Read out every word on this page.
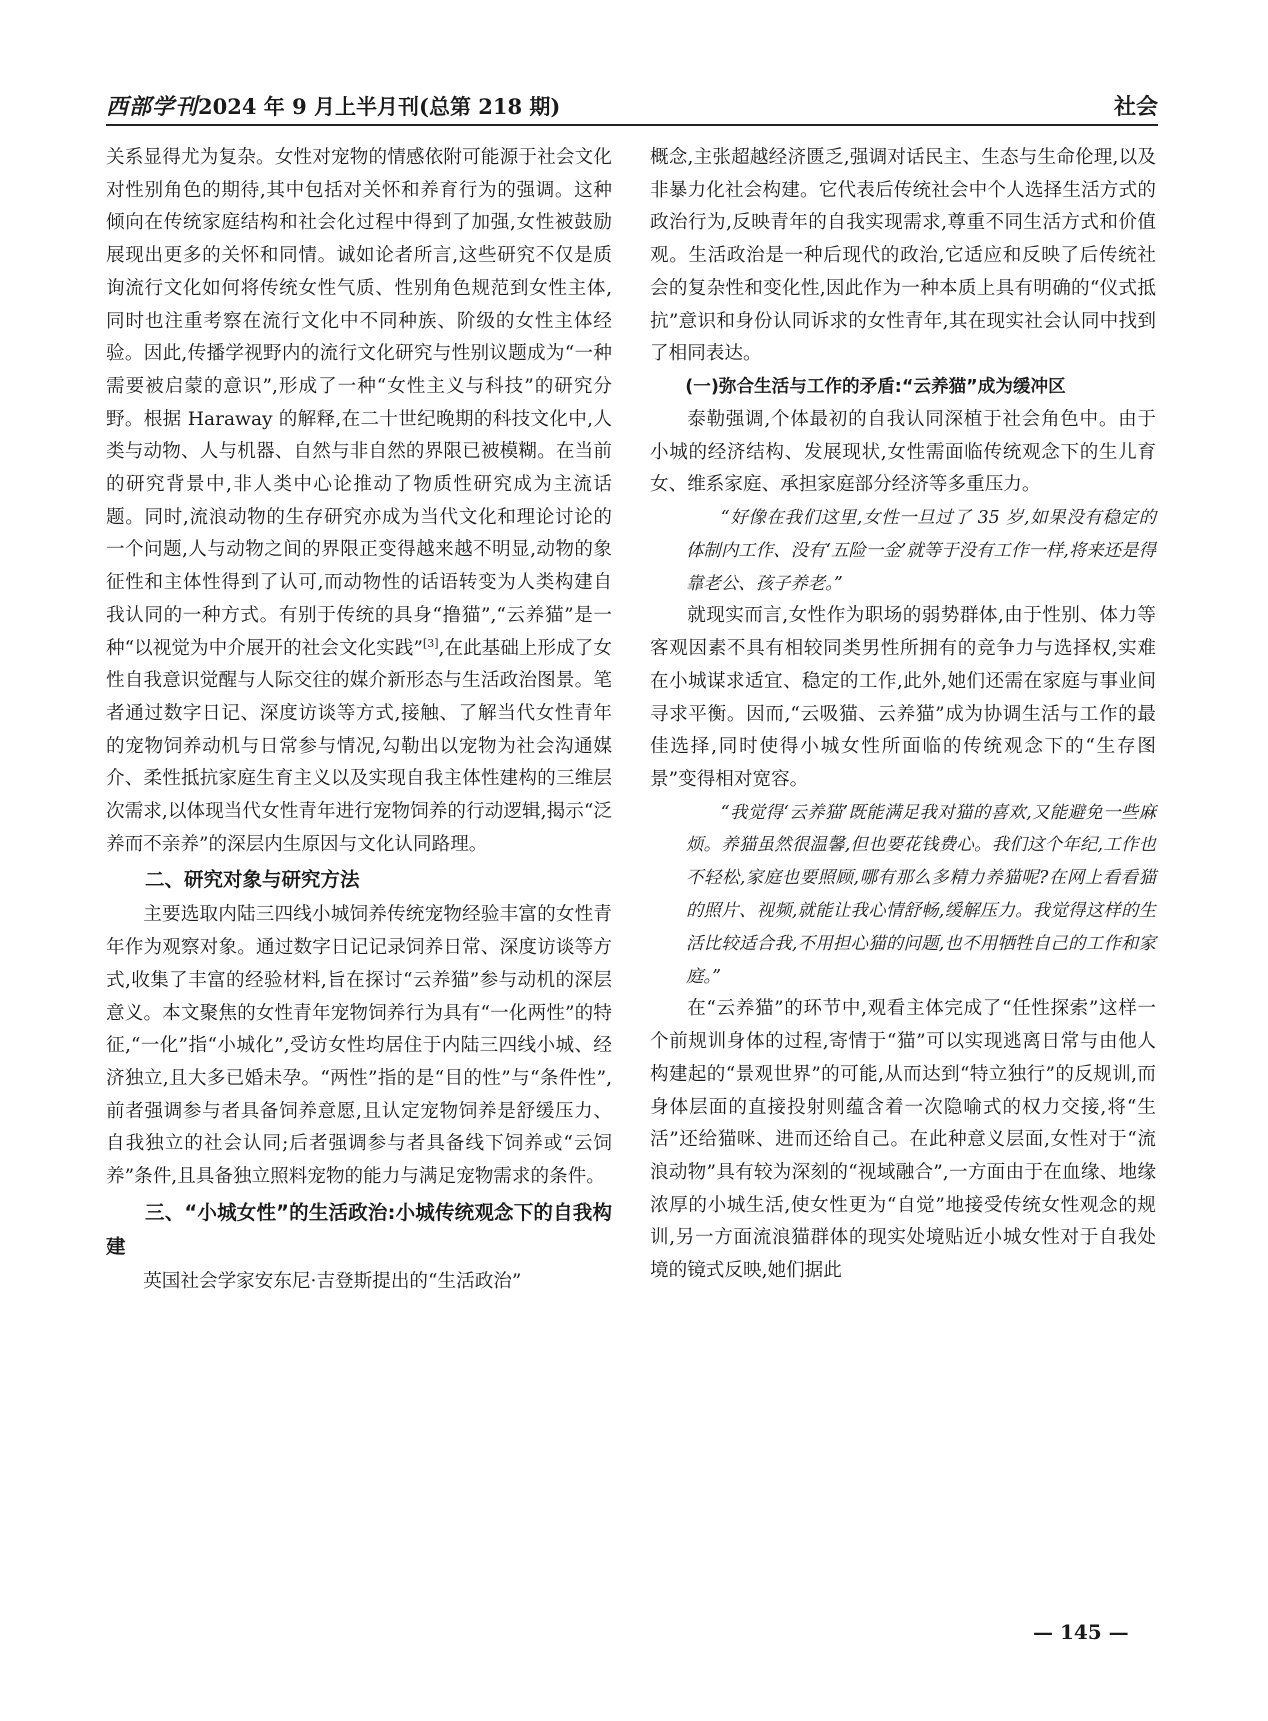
西部学刊2024 年 9 月上半月刊(总第 218 期)	社会

关系显得尤为复杂。女性对宠物的情感依附可能源于社会文化对性别角色的期待,其中包括对关怀和养育行为的强调。这种倾向在传统家庭结构和社会化过程中得到了加强,女性被鼓励展现出更多的关怀和同情。诚如论者所言,这些研究不仅是质询流行文化如何将传统女性气质、性别角色规范到女性主体,同时也注重考察在流行文化中不同种族、阶级的女性主体经验。因此,传播学视野内的流行文化研究与性别议题成为“一种需要被启蒙的意识”,形成了一种“女性主义与科技”的研究分野。根据 Haraway 的解释,在二十世纪晚期的科技文化中,人类与动物、人与机器、自然与非自然的界限已被模糊。在当前的研究背景中,非人类中心论推动了物质性研究成为主流话题。同时,流浪动物的生存研究亦成为当代文化和理论讨论的一个问题,人与动物之间的界限正变得越来越不明显,动物的象征性和主体性得到了认可,而动物性的话语转变为人类构建自我认同的一种方式。有别于传统的具身“撸猫”,“云养猫”是一种“以视觉为中介展开的社会文化实践”[3],在此基础上形成了女性自我意识觉醒与人际交往的媒介新形态与生活政治图景。笔者通过数字日记、深度访谈等方式,接触、了解当代女性青年的宠物饲养动机与日常参与情况,勾勒出以宠物为社会沟通媒介、柔性抵抗家庭生育主义以及实现自我主体性建构的三维层次需求,以体现当代女性青年进行宠物饲养的行动逻辑,揭示“泛养而不亲养”的深层内生原因与文化认同路理。

二、研究对象与研究方法

主要选取内陆三四线小城饲养传统宠物经验丰富的女性青年作为观察对象。通过数字日记记录饲养日常、深度访谈等方式,收集了丰富的经验材料,旨在探讨“云养猫”参与动机的深层意义。本文聚焦的女性青年宠物饲养行为具有“一化两性”的特征,“一化”指“小城化”,受访女性均居住于内陆三四线小城、经济独立,且大多已婚未孕。“两性”指的是“目的性”与“条件性”,前者强调参与者具备饲养意愿,且认定宠物饲养是舒缓压力、自我独立的社会认同;后者强调参与者具备线下饲养或“云饲养”条件,且具备独立照料宠物的能力与满足宠物需求的条件。

三、“小城女性”的生活政治:小城传统观念下的自我构建

英国社会学家安东尼·吉登斯提出的“生活政治”

概念,主张超越经济匮乏,强调对话民主、生态与生命伦理,以及非暴力化社会构建。它代表后传统社会中个人选择生活方式的政治行为,反映青年的自我实现需求,尊重不同生活方式和价值观。生活政治是一种后现代的政治,它适应和反映了后传统社会的复杂性和变化性,因此作为一种本质上具有明确的“仪式抵抗”意识和身份认同诉求的女性青年,其在现实社会认同中找到了相同表达。

(一)弥合生活与工作的矛盾:“云养猫”成为缓冲区

泰勒强调,个体最初的自我认同深植于社会角色中。由于小城的经济结构、发展现状,女性需面临传统观念下的生儿育女、维系家庭、承担家庭部分经济等多重压力。

“好像在我们这里,女性一旦过了 35 岁,如果没有稳定的体制内工作、没有‘五险一金’就等于没有工作一样,将来还是得靠老公、孩子养老。”

就现实而言,女性作为职场的弱势群体,由于性别、体力等客观因素不具有相较同类男性所拥有的竞争力与选择权,实难在小城谋求适宜、稳定的工作,此外,她们还需在家庭与事业间寻求平衡。因而,“云吸猫、云养猫”成为协调生活与工作的最佳选择,同时使得小城女性所面临的传统观念下的“生存图景”变得相对宽容。

“我觉得‘云养猫’既能满足我对猫的喜欢,又能避免一些麻烦。养猫虽然很温馨,但也要花钱费心。我们这个年纪,工作也不轻松,家庭也要照顾,哪有那么多精力养猫呢?在网上看看猫的照片、视频,就能让我心情舒畅,缓解压力。我觉得这样的生活比较适合我,不用担心猫的问题,也不用牺牲自己的工作和家庭。”

在“云养猫”的环节中,观看主体完成了“任性探索”这样一个前规训身体的过程,寄情于“猫”可以实现逃离日常与由他人构建起的“景观世界”的可能,从而达到“特立独行”的反规训,而身体层面的直接投射则蕴含着一次隐喻式的权力交接,将“生活”还给猫咪、进而还给自己。在此种意义层面,女性对于“流浪动物”具有较为深刻的“视域融合”,一方面由于在血缘、地缘浓厚的小城生活,使女性更为“自觉”地接受传统女性观念的规训,另一方面流浪猫群体的现实处境贴近小城女性对于自我处境的镜式反映,她们据此

— 145 —
